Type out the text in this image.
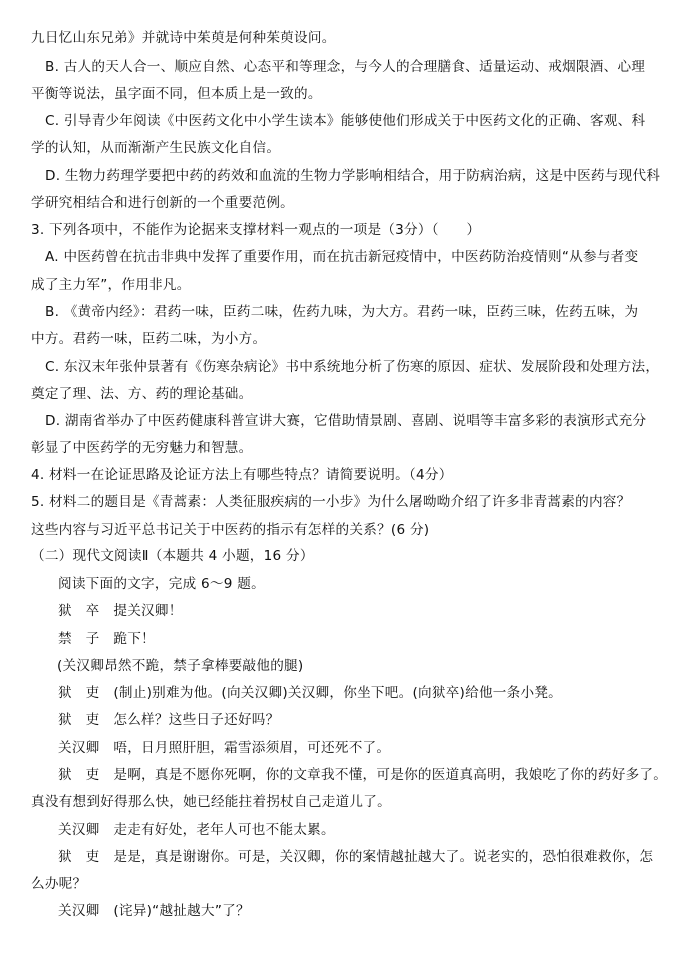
九日忆山东兄弟》并就诗中茱萸是何种茱萸设问。
B. 古人的天人合一、顺应自然、心态平和等理念，与今人的合理膳食、适量运动、戒烟限酒、心理
平衡等说法，虽字面不同，但本质上是一致的。
C. 引导青少年阅读《中医药文化中小学生读本》能够使他们形成关于中医药文化的正确、客观、科
学的认知，从而渐渐产生民族文化自信。
D. 生物力药理学要把中药的药效和血流的生物力学影响相结合，用于防病治病，这是中医药与现代科
学研究相结合和进行创新的一个重要范例。
3. 下列各项中，不能作为论据来支撑材料一观点的一项是（3分）（　　）
A. 中医药曾在抗击非典中发挥了重要作用，而在抗击新冠疫情中，中医药防治疫情则“从参与者变
成了主力军”，作用非凡。
B. 《黄帝内经》：君药一味，臣药二味，佐药九味，为大方。君药一味，臣药三味，佐药五味，为
中方。君药一味，臣药二味，为小方。
C. 东汉末年张仲景著有《伤寒杂病论》书中系统地分析了伤寒的原因、症状、发展阶段和处理方法，
奠定了理、法、方、药的理论基础。
D. 湖南省举办了中医药健康科普宣讲大赛，它借助情景剧、喜剧、说唱等丰富多彩的表演形式充分
彰显了中医药学的无穷魅力和智慧。
4. 材料一在论证思路及论证方法上有哪些特点？请简要说明。（4分）
5. 材料二的题目是《青蒿素：人类征服疾病的一小步》为什么屠呦呦介绍了许多非青蒿素的内容？
这些内容与习近平总书记关于中医药的指示有怎样的关系？(6 分)
（二）现代文阅读Ⅱ（本题共 4 小题，16 分）
阅读下面的文字，完成 6～9 题。
狱　卒　提关汉卿！
禁　子　跪下！
(关汉卿昂然不跪，禁子拿棒要敲他的腿)
狱　吏　(制止)别难为他。(向关汉卿)关汉卿，你坐下吧。(向狱卒)给他一条小凳。
狱　吏　怎么样？这些日子还好吗？
关汉卿　唔，日月照肝胆，霜雪添须眉，可还死不了。
狱　吏　是啊，真是不愿你死啊，你的文章我不懂，可是你的医道真高明，我娘吃了你的药好多了。
真没有想到好得那么快，她已经能拄着拐杖自己走道儿了。
关汉卿　走走有好处，老年人可也不能太累。
狱　吏　是是，真是谢谢你。可是，关汉卿，你的案情越扯越大了。说老实的，恐怕很难救你，怎
么办呢？
关汉卿　(诧异)“越扯越大”了？
